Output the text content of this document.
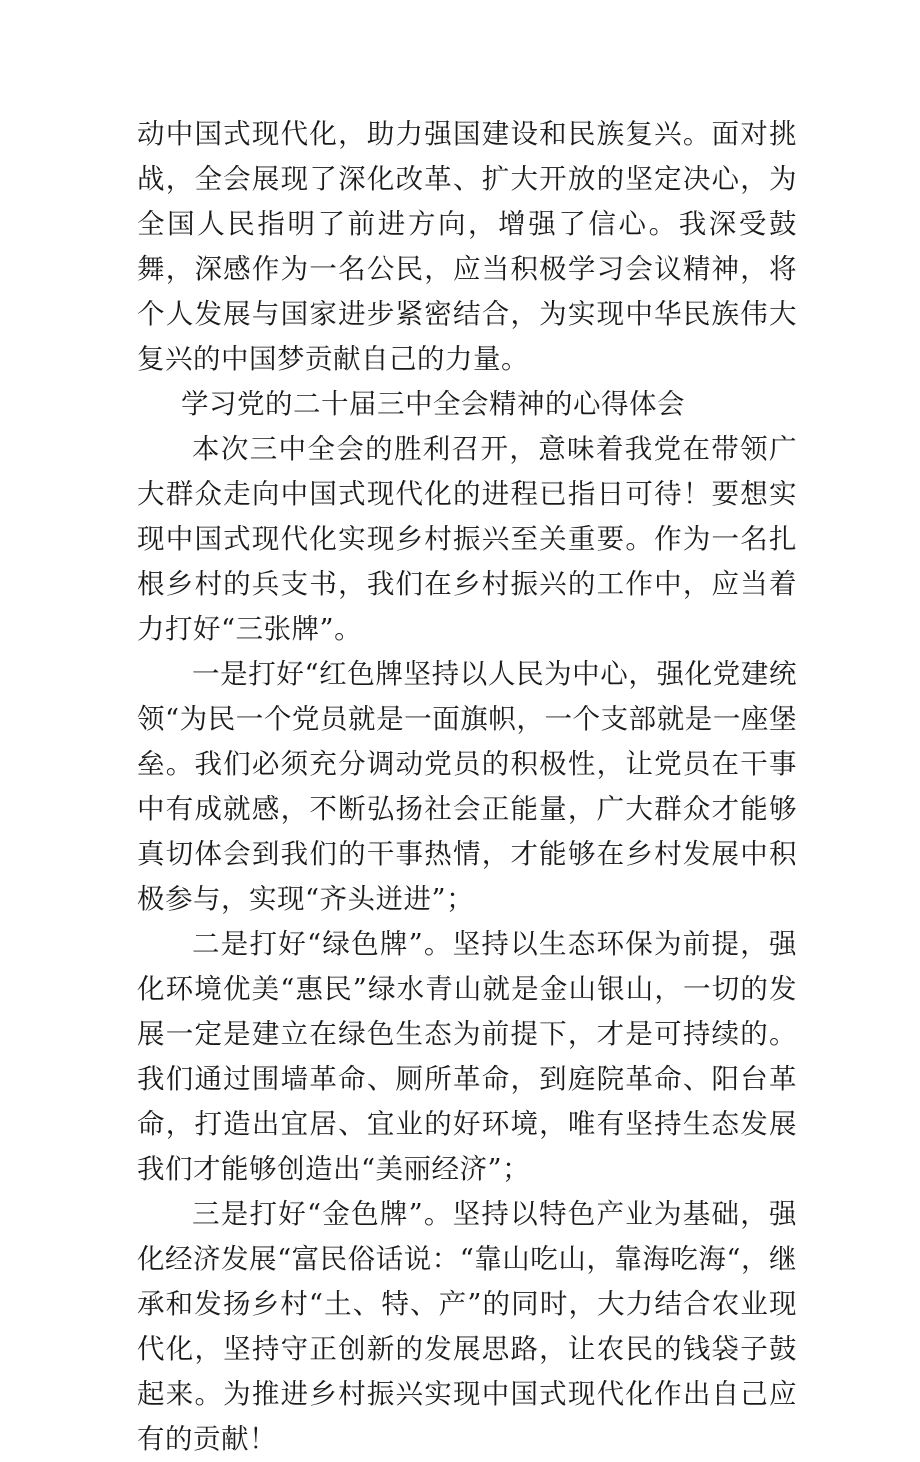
动中国式现代化，助力强国建设和民族复兴。面对挑战，全会展现了深化改革、扩大开放的坚定决心，为全国人民指明了前进方向，增强了信心。我深受鼓舞，深感作为一名公民，应当积极学习会议精神，将个人发展与国家进步紧密结合，为实现中华民族伟大复兴的中国梦贡献自己的力量。

学习党的二十届三中全会精神的心得体会

本次三中全会的胜利召开，意味着我党在带领广大群众走向中国式现代化的进程已指日可待！要想实现中国式现代化实现乡村振兴至关重要。作为一名扎根乡村的兵支书，我们在乡村振兴的工作中，应当着力打好“三张牌”。

一是打好“红色牌坚持以人民为中心，强化党建统领“为民一个党员就是一面旗帜，一个支部就是一座堡垒。我们必须充分调动党员的积极性，让党员在干事中有成就感，不断弘扬社会正能量，广大群众才能够真切体会到我们的干事热情，才能够在乡村发展中积极参与，实现“齐头迸进”；

二是打好“绿色牌”。坚持以生态环保为前提，强化环境优美“惠民”绿水青山就是金山银山，一切的发展一定是建立在绿色生态为前提下，才是可持续的。我们通过围墙革命、厕所革命，到庭院革命、阳台革命，打造出宜居、宜业的好环境，唯有坚持生态发展我们才能够创造出“美丽经济”；

三是打好“金色牌”。坚持以特色产业为基础，强化经济发展“富民俗话说：“靠山吃山，靠海吃海“，继承和发扬乡村“土、特、产”的同时，大力结合农业现代化，坚持守正创新的发展思路，让农民的钱袋子鼓起来。为推进乡村振兴实现中国式现代化作出自己应有的贡献！
